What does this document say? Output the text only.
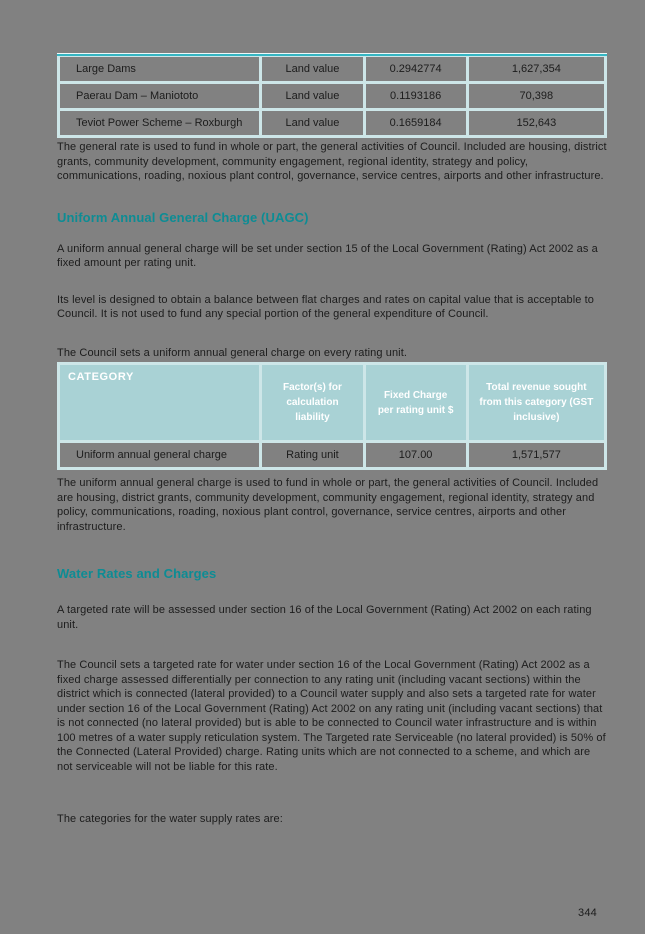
Large Dams	Land value	0.2942774	1,627,354
Paerau Dam – Maniototo	Land value	0.1193186	70,398
Teviot Power Scheme – Roxburgh	Land value	0.1659184	152,643

The general rate is used to fund in whole or part, the general activities of Council. Included are housing, district grants, community development, community engagement, regional identity, strategy and policy, communications, roading, noxious plant control, governance, service centres, airports and other infrastructure.

Uniform Annual General Charge (UAGC)

A uniform annual general charge will be set under section 15 of the Local Government (Rating) Act 2002 as a fixed amount per rating unit.

Its level is designed to obtain a balance between flat charges and rates on capital value that is acceptable to Council. It is not used to fund any special portion of the general expenditure of Council.

The Council sets a uniform annual general charge on every rating unit.

CATEGORY	Factor(s) for calculation liability	Fixed Charge per rating unit $	Total revenue sought from this category (GST inclusive)
Uniform annual general charge	Rating unit	107.00	1,571,577

The uniform annual general charge is used to fund in whole or part, the general activities of Council. Included are housing, district grants, community development, community engagement, regional identity, strategy and policy, communications, roading, noxious plant control, governance, service centres, airports and other infrastructure.

Water Rates and Charges

A targeted rate will be assessed under section 16 of the Local Government (Rating) Act 2002 on each rating unit.

The Council sets a targeted rate for water under section 16 of the Local Government (Rating) Act 2002 as a fixed charge assessed differentially per connection to any rating unit (including vacant sections) within the district which is connected (lateral provided) to a Council water supply and also sets a targeted rate for water under section 16 of the Local Government (Rating) Act 2002 on any rating unit (including vacant sections) that is not connected (no lateral provided) but is able to be connected to Council water infrastructure and is within 100 metres of a water supply reticulation system. The Targeted rate Serviceable (no lateral provided) is 50% of the Connected (Lateral Provided) charge. Rating units which are not connected to a scheme, and which are not serviceable will not be liable for this rate.

The categories for the water supply rates are:

344
